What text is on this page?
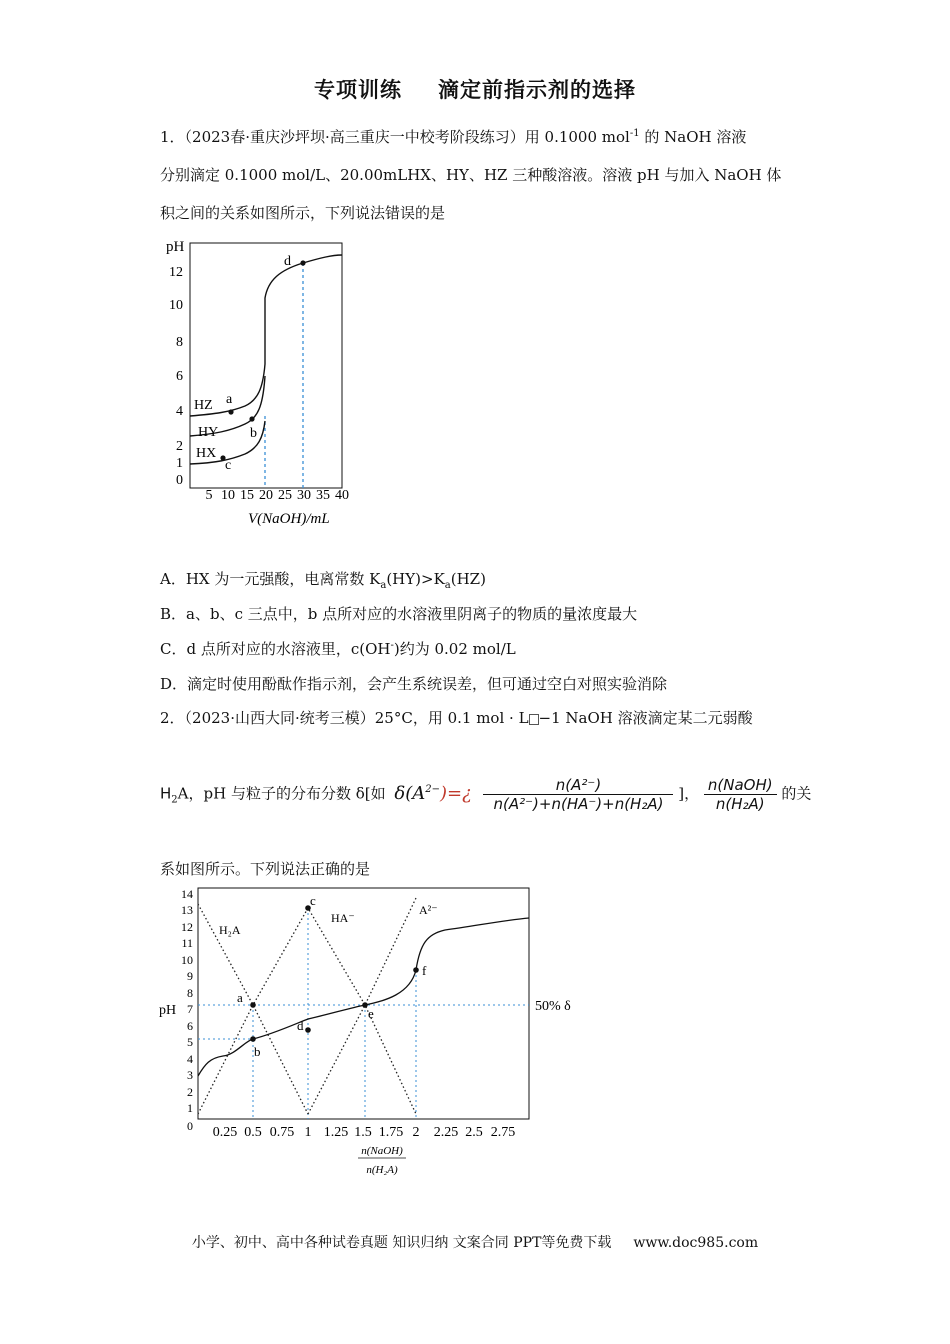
专项训练 滴定前指示剂的选择
1．（2023春·重庆沙坪坝·高三重庆一中校考阶段练习）用 0.1000 mol$^{-1}$ 的 NaOH 溶液
分别滴定 0.1000 mol/L、20.00mLHX、HY、HZ 三种酸溶液。溶液 pH 与加入 NaOH 体
积之间的关系如图所示，下列说法错误的是
pH
0
1
2
4
6
8
10
12
5 10 15 20 25 30 35 40
V(NaOH)/mL
HZ
HY
HX
a
b
c
d
A．HX 为一元强酸，电离常数 $K_a(HY)>K_a(HZ)$
B．a、b、c 三点中，b 点所对应的水溶液里阴离子的物质的量浓度最大
C．d 点所对应的水溶液里，c(OH-)约为 0.02 mol/L
D．滴定时使用酚酞作指示剂，会产生系统误差，但可通过空白对照实验消除
2．（2023·山西大同·统考三模）25°C，用 0.1 mol · L −1 NaOH 溶液滴定某二元弱酸
$H_2A$，pH 与粒子的分布分数 δ[如 $\delta(A^{2-})=¿ \frac{\text{n(A²⁻)}}{\text{n(A²⁻)+n(HA⁻)+n(H₂A)}}$ ]， $\frac{\text{n(NaOH)}}{\text{n(H₂A)}}$ 的关
系如图所示。下列说法正确的是
pH
0
1
2
3
4
5
6
7
8
9
10
11
12
13
14
0.25 0.5 0.75 1 1.25 1.5 1.75 2 2.25 2.5 2.75
n(NaOH)
n(H₂A)
50% δ
H₂A
HA⁻
A²⁻
a
b
c
d
e
f
小学、初中、高中各种试卷真题 知识归纳 文案合同 PPT等免费下载 www.doc985.com
